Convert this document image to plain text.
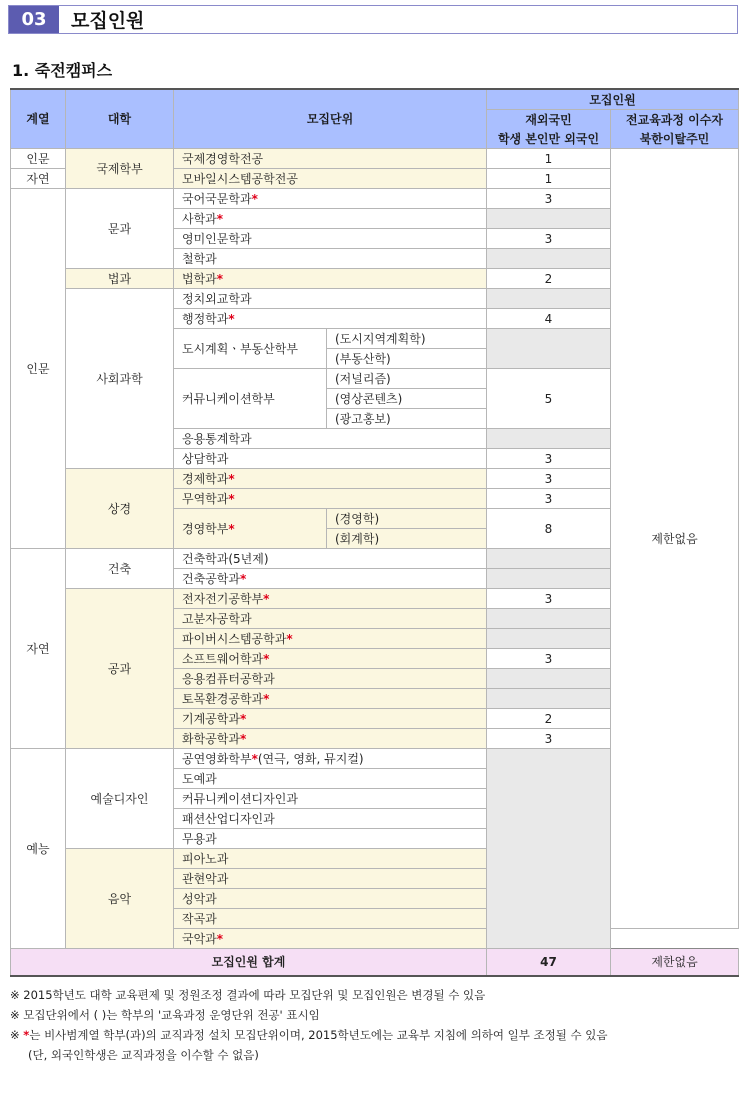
03	모집인원
1. 죽전캠퍼스
계열	대학	모집단위		모집인원	
				재외국민	전교육과정 이수자
				학생 본인만 외국인	북한이탈주민
인문	국제학부	국제경영학전공		1	제한없음
자연		모바일시스템공학전공		1	
인문	문과	국어국문학과*		3	
		사학과*			
		영미인문학과		3	
		철학과			
	법과	법학과*		2	
	사회과학	정치외교학과			
		행정학과*		4	
		도시계획ㆍ부동산학부	(도시지역계획학)		
			(부동산학)		
		커뮤니케이션학부	(저널리즘)	5	
			(영상콘텐츠)		
			(광고홍보)		
		응용통계학과			
		상담학과		3	
	상경	경제학과*		3	
		무역학과*		3	
		경영학부*	(경영학)	8	
			(회계학)		
자연	건축	건축학과(5년제)			
		건축공학과*			
	공과	전자전기공학부*		3	
		고분자공학과			
		파이버시스템공학과*			
		소프트웨어학과*		3	
		응용컴퓨터공학과			
		토목환경공학과*			
		기계공학과*		2	
		화학공학과*		3	
예능	예술디자인	공연영화학부*(연극, 영화, 뮤지컬)			
		도예과			
		커뮤니케이션디자인과			
		패션산업디자인과			
		무용과			
	음악	피아노과			
		관현악과			
		성악과			
		작곡과			
		국악과*			
모집인원 합계				47	제한없음
※ 2015학년도 대학 교육편제 및 정원조정 결과에 따라 모집단위 및 모집인원은 변경될 수 있음
※ 모집단위에서 ( )는 학부의 '교육과정 운영단위 전공' 표시임
※ *는 비사범계열 학부(과)의 교직과정 설치 모집단위이며, 2015학년도에는 교육부 지침에 의하여 일부 조정될 수 있음
(단, 외국인학생은 교직과정을 이수할 수 없음)
